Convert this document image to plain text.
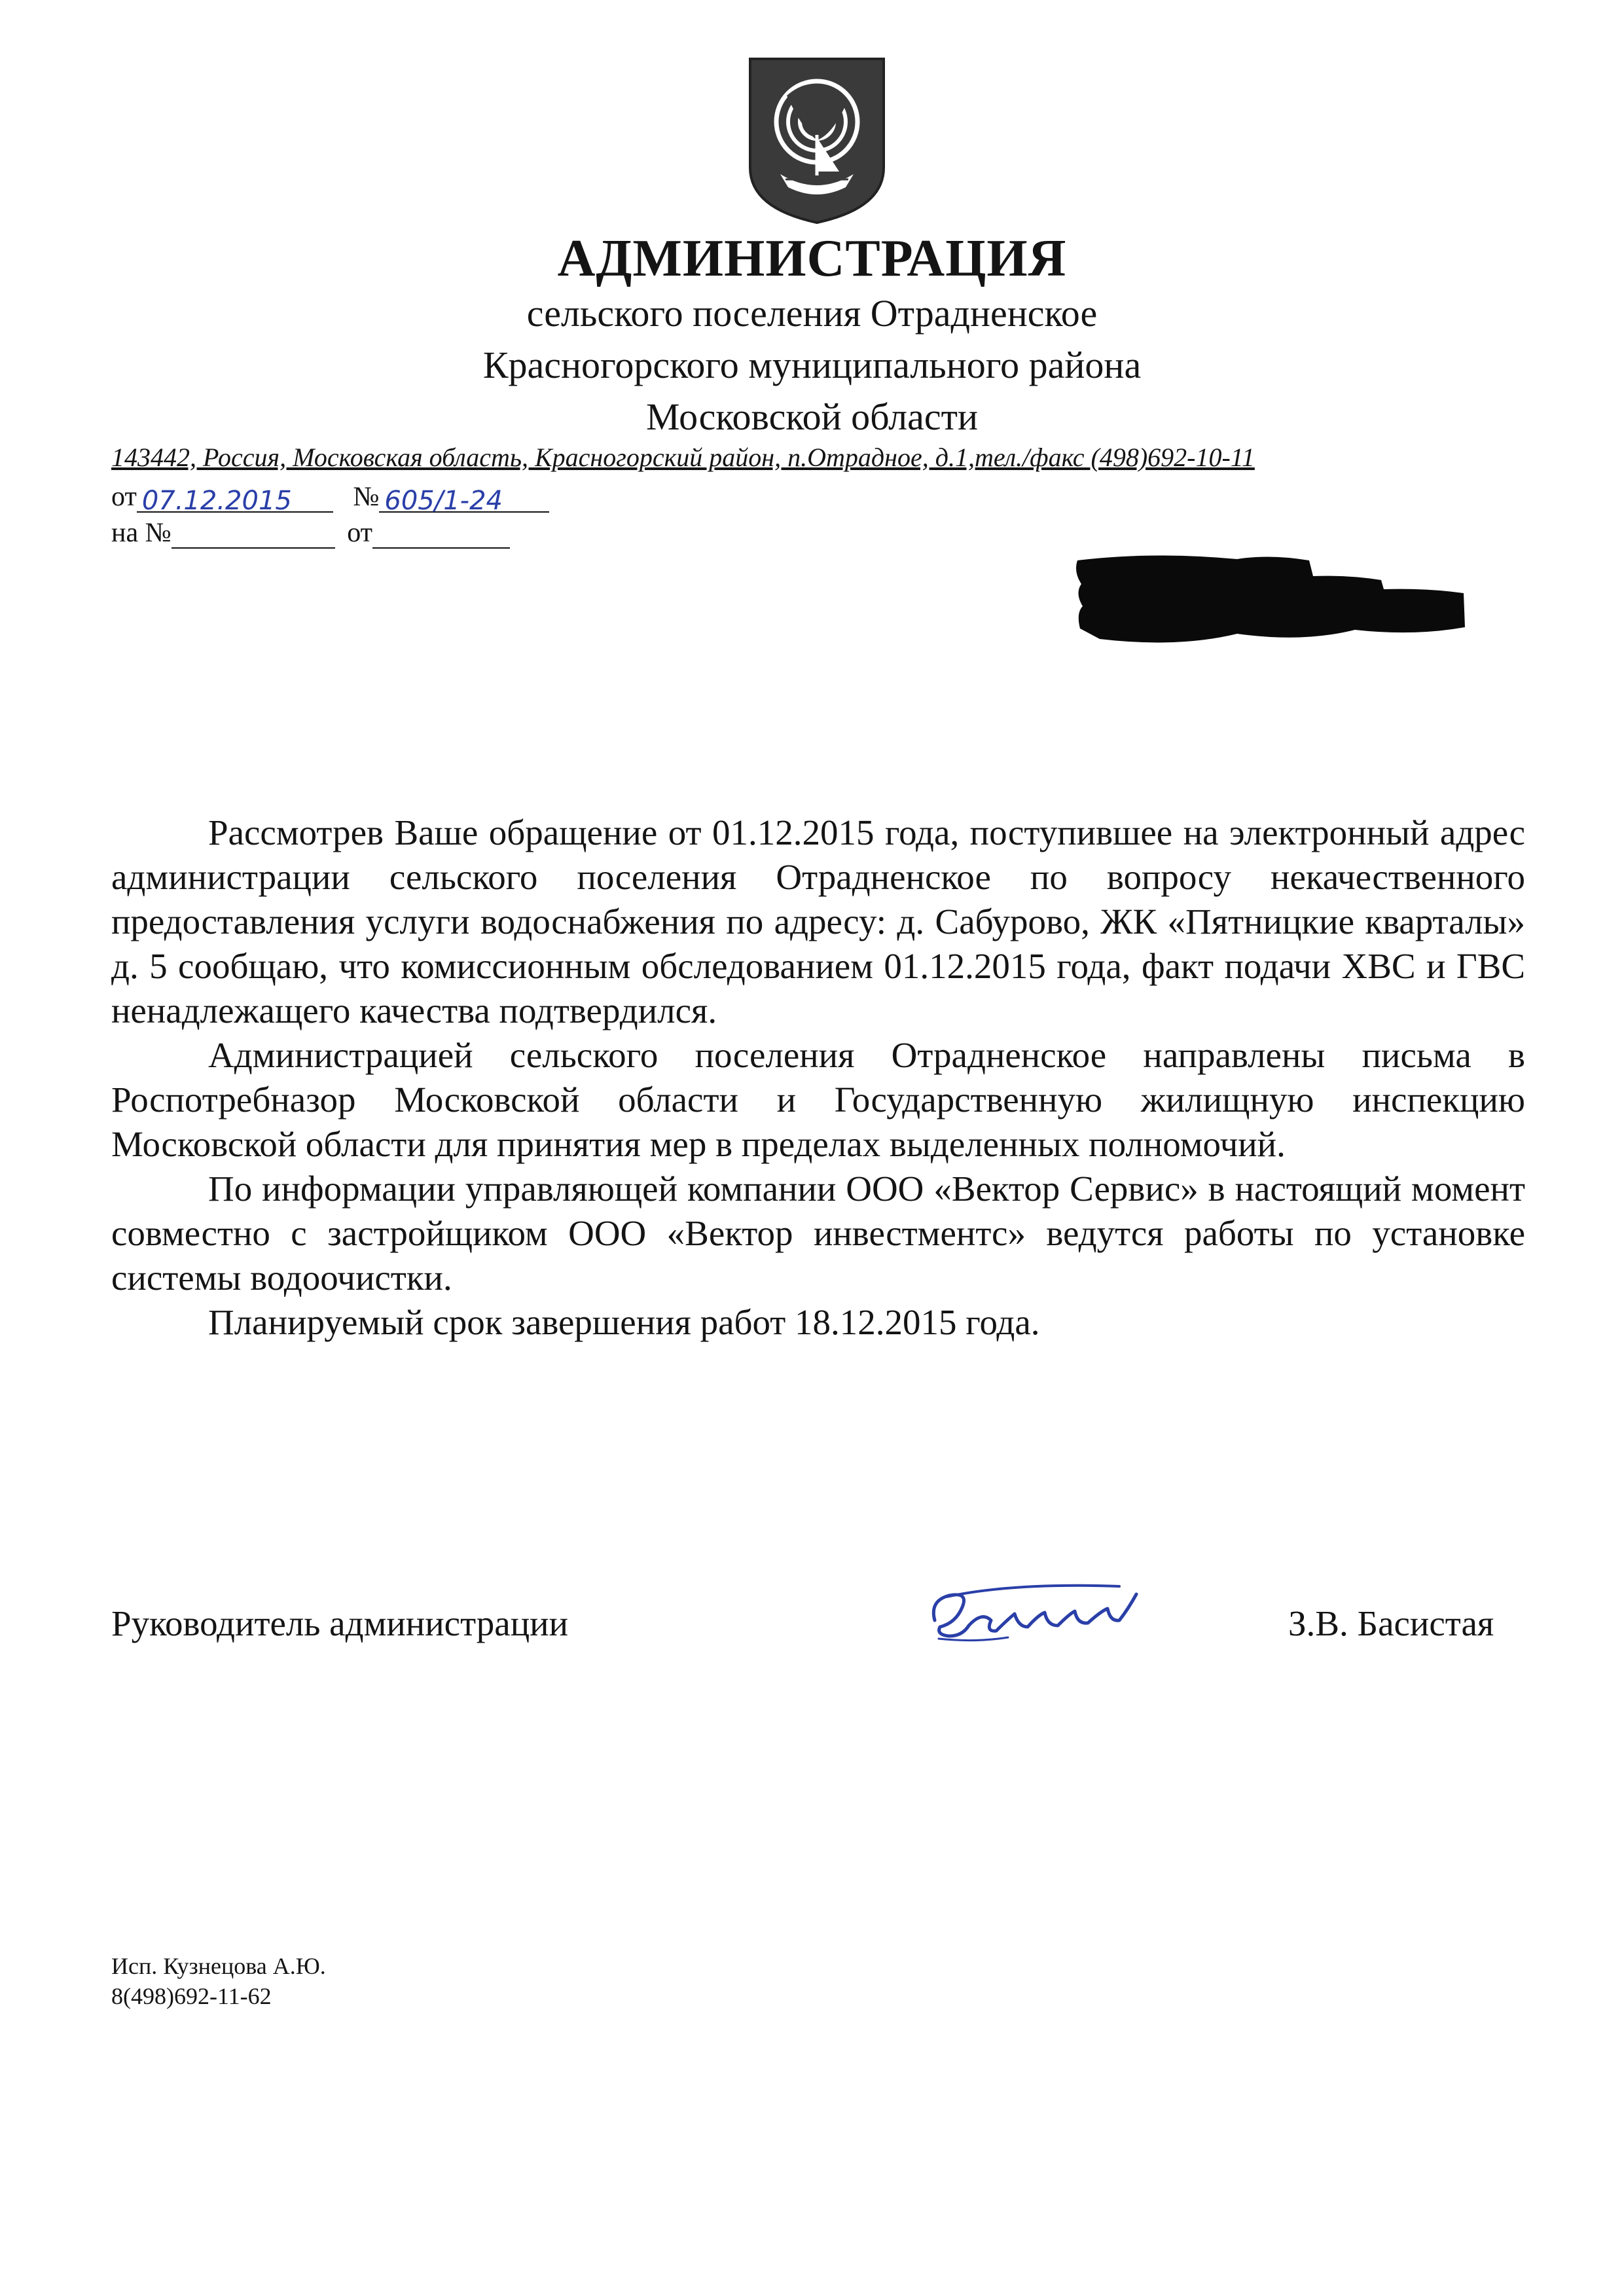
АДМИНИСТРАЦИЯ
сельского поселения Отрадненское
Красногорского муниципального района
Московской области
143442, Россия, Московская область, Красногорский район, п.Отрадное, д.1,тел./факс (498)692-10-11
от 07.12.2015 № 605/1-24
на №	от

Рассмотрев Ваше обращение от 01.12.2015 года, поступившее на электронный адрес администрации сельского поселения Отрадненское по вопросу некачественного предоставления услуги водоснабжения по адресу: д. Сабурово, ЖК «Пятницкие кварталы» д. 5 сообщаю, что комиссионным обследованием 01.12.2015 года, факт подачи ХВС и ГВС ненадлежащего качества подтвердился.

Администрацией сельского поселения Отрадненское направлены письма в Роспотребназор Московской области и Государственную жилищную инспекцию Московской области для принятия мер в пределах выделенных полномочий.

По информации управляющей компании ООО «Вектор Сервис» в настоящий момент совместно с застройщиком ООО «Вектор инвестментс» ведутся работы по установке системы водоочистки.

Планируемый срок завершения работ 18.12.2015 года.

Руководитель администрации	З.В. Басистая
Исп. Кузнецова А.Ю.
8(498)692-11-62
